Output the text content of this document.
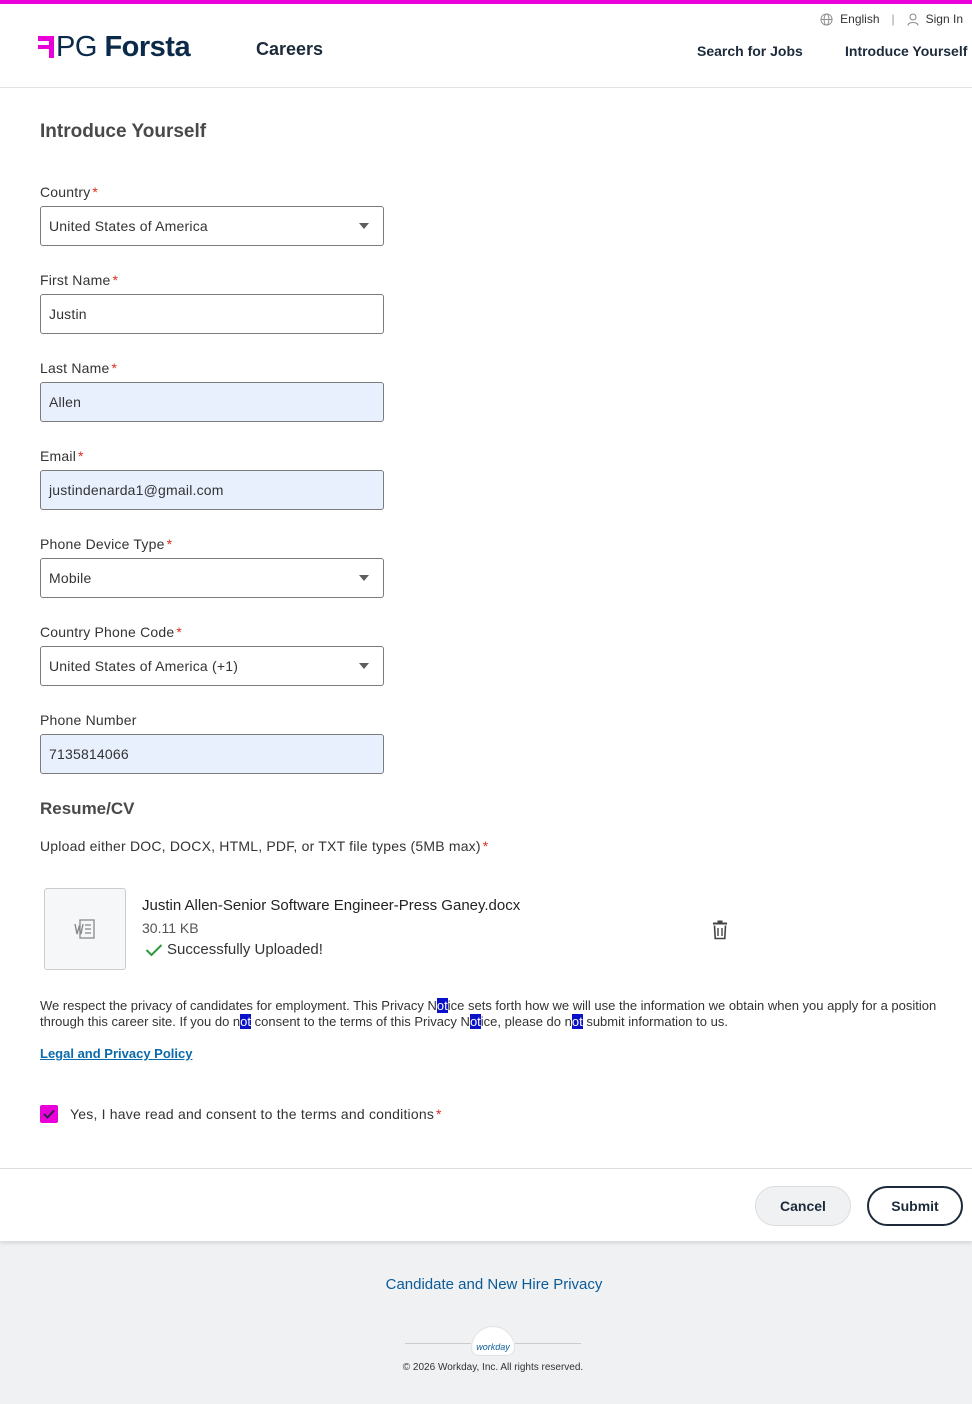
PG Forsta	Careers
English |	Sign In
Search for Jobs	Introduce Yourself
Introduce Yourself
Country *
United States of America
First Name *
Justin
Last Name *
Allen
Email *
justindenarda1@gmail.com
Phone Device Type *
Mobile
Country Phone Code *
United States of America (+1)
Phone Number
7135814066
Resume/CV
Upload either DOC, DOCX, HTML, PDF, or TXT file types (5MB max) *
Justin Allen-Senior Software Engineer-Press Ganey.docx
30.11 KB
Successfully Uploaded!
We respect the privacy of candidates for employment. This Privacy Notice sets forth how we will use the information we obtain when you apply for a position through this career site. If you do not consent to the terms of this Privacy Notice, please do not submit information to us.
Legal and Privacy Policy
Yes, I have read and consent to the terms and conditions *
Cancel	Submit
Candidate and New Hire Privacy
workday
© 2026 Workday, Inc. All rights reserved.
